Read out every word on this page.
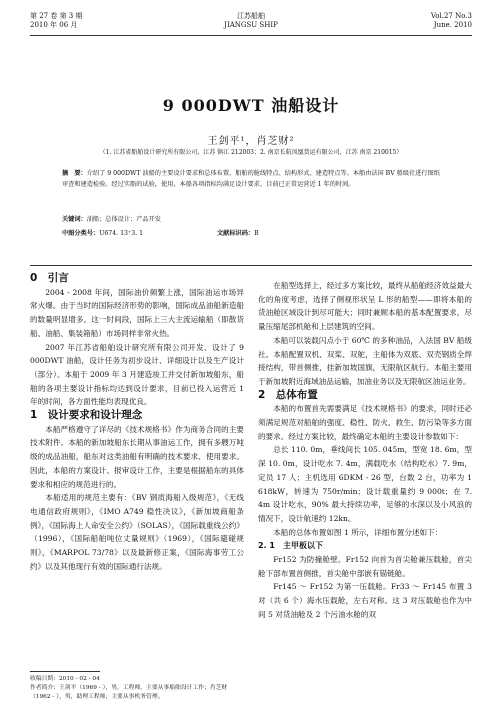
第 27 卷 第 3 期
2010 年 06 月
江苏船舶
JIANGSU SHIP
Vol.27 No.3
June. 2010
9 000DWT 油船设计
王剑平¹，肖芝财²
（1. 江苏省船舶设计研究所有限公司，江苏 镇江 212003；2. 南京长航凤凰货运有限公司，江苏 南京 210015）
摘　要：介绍了 9 000DWT 油船的主要设计要求和总体布置、船舶的舱线特点、结构形式、建造特点等。本船由法国 BV 船级社进行图纸审查和建造检验。经过实船的试验，使用，本船各项指标均满足设计要求，目前已正常运营近 1 年的时间。
关键词：油船；总体设计；产品开发
中图分类号：U674. 13⁺3. 1	文献标识码：B

0　引言

2004 - 2008 年间，国际油价频繁上涨，国际油运市场异常火爆。由于当时的国际经济形势的影响，国际成品油船新造船的数量明显增多。这一时间段，国际上三大主流运输船（即散货船、油船、集装箱船）市场同样非常火热。

2007 年江苏省船舶设计研究所有限公司开发、设计了 9 000DWT 油船，设计任务为初步设计、详细设计以及生产设计（部分）。本船于 2009 年 3 月建造竣工并交付新加坡船东，船舶的各项主要设计指标均达到设计要求，目前已投入运营近 1 年的时间，各方面性能均表现优良。

1　设计要求和设计理念

本船严格遵守了详尽的《技术规格书》作为商务合同的主要技术附件。本船的新加坡船东长期从事油运工作，拥有多艘万吨级的成品油船，船东对这类油船有明确的技术要求、使用要求。因此，本船的方案设计、报审设计工作，主要是根据船东的具体要求和相应的规范进行的。

本船适用的规范主要有：《BV 钢质海船入级规范》，《无线电通信政府规则》，《IMO A749 稳性决议》，《新加坡商船条例》，《国际海上人命安全公约》（SOLAS），《国际载重线公约》（1996），《国际船舶吨位丈量规则》（1969），《国际避碰规则》，《MARPOL 73/78》以及最新修正案，《国际海事劳工公约》以及其他现行有效的国际通行法规。

在船型选择上，经过多方案比较，最终从船舶经济效益最大化的角度考虑，选择了侧视形状呈 L 形的船型——即将本船的货油舱区域设计到尽可能大；同时兼顾本船的基本配置要求，尽量压缩尾部机舱和上层建筑的空间。

本船可以装载闪点小于 60℃ 的多种油品，入法国 BV 船级社。本船配置双机、双桨、双舵，主船体为双底、双壳钢质全焊接结构，带首侧推，挂新加坡国旗，无限航区航行。本船主要用于新加坡附近海域油品运输，加油业务以及无限航区油运业务。

2　总体布置

本船的布置首先需要满足《技术规格书》的要求，同时还必须满足规范对船舶的强度、稳性、防火、救生、防污染等多方面的要求。经过方案比较，最终确定本船的主要设计参数如下：

总长 110. 0m，垂线间长 105. 045m，型宽 18. 6m，型深 10. 0m，设计吃水 7. 4m，满载吃水（结构吃水）7. 9m，定员 17 人；主机选用 6DKM - 26 型，台数 2 台，功率为 1 618kW，转速为 750r/min；设计载重量约 9 000t；在 7. 4m 设计吃水，90% 最大持续功率，足够的水深以及小风浪的情况下，设计航速约 12kn。

本船的总体布置如图 1 所示，详细布置分述如下：

2. 1　主甲板以下

Fr152 为防撞舱壁。Fr152 向首为首尖舱兼压载舱，首尖舱下部布置首侧推，首尖舱中部嵌有锚链舱。

Fr145 ～ Fr152 为第一压载舱。Fr33 ～ Fr145 布置 3 对（共 6 个）海水压载舱，左右对称。这 3 对压载舱也作为中间 5 对货油舱及 2 个污油水舱的双

收稿日期：2010 - 02 - 04
作者简介：王剑平（1969 - ），男，工程师，主要从事船舶设计工作；肖芝财（1962 - ），男，助理工程师，主要从事机务管理。
